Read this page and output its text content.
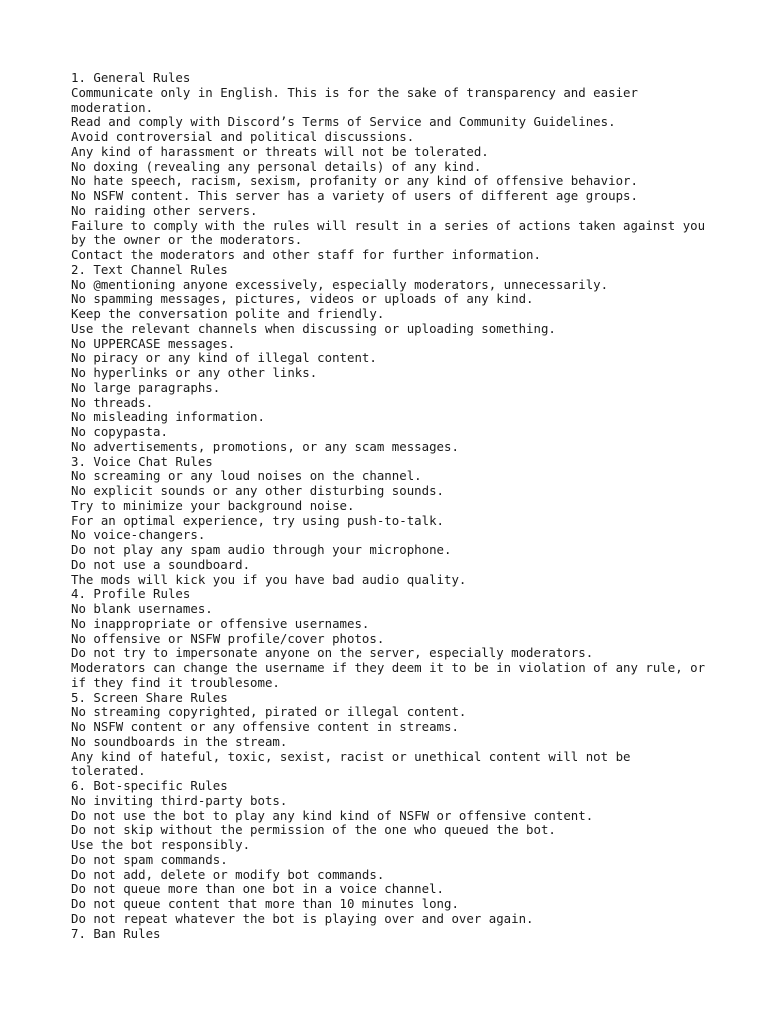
1. General Rules
Communicate only in English. This is for the sake of transparency and easier moderation.
Read and comply with Discord’s Terms of Service and Community Guidelines.
Avoid controversial and political discussions.
Any kind of harassment or threats will not be tolerated.
No doxing (revealing any personal details) of any kind.
No hate speech, racism, sexism, profanity or any kind of offensive behavior.
No NSFW content. This server has a variety of users of different age groups.
No raiding other servers.
Failure to comply with the rules will result in a series of actions taken against you by the owner or the moderators.
Contact the moderators and other staff for further information.
2. Text Channel Rules
No @mentioning anyone excessively, especially moderators, unnecessarily.
No spamming messages, pictures, videos or uploads of any kind.
Keep the conversation polite and friendly.
Use the relevant channels when discussing or uploading something.
No UPPERCASE messages.
No piracy or any kind of illegal content.
No hyperlinks or any other links.
No large paragraphs.
No threads.
No misleading information.
No copypasta.
No advertisements, promotions, or any scam messages.
3. Voice Chat Rules
No screaming or any loud noises on the channel.
No explicit sounds or any other disturbing sounds.
Try to minimize your background noise.
For an optimal experience, try using push-to-talk.
No voice-changers.
Do not play any spam audio through your microphone.
Do not use a soundboard.
The mods will kick you if you have bad audio quality.
4. Profile Rules
No blank usernames.
No inappropriate or offensive usernames.
No offensive or NSFW profile/cover photos.
Do not try to impersonate anyone on the server, especially moderators.
Moderators can change the username if they deem it to be in violation of any rule, or if they find it troublesome.
5. Screen Share Rules
No streaming copyrighted, pirated or illegal content.
No NSFW content or any offensive content in streams.
No soundboards in the stream.
Any kind of hateful, toxic, sexist, racist or unethical content will not be tolerated.
6. Bot-specific Rules
No inviting third-party bots.
Do not use the bot to play any kind kind of NSFW or offensive content.
Do not skip without the permission of the one who queued the bot.
Use the bot responsibly.
Do not spam commands.
Do not add, delete or modify bot commands.
Do not queue more than one bot in a voice channel.
Do not queue content that more than 10 minutes long.
Do not repeat whatever the bot is playing over and over again.
7. Ban Rules
